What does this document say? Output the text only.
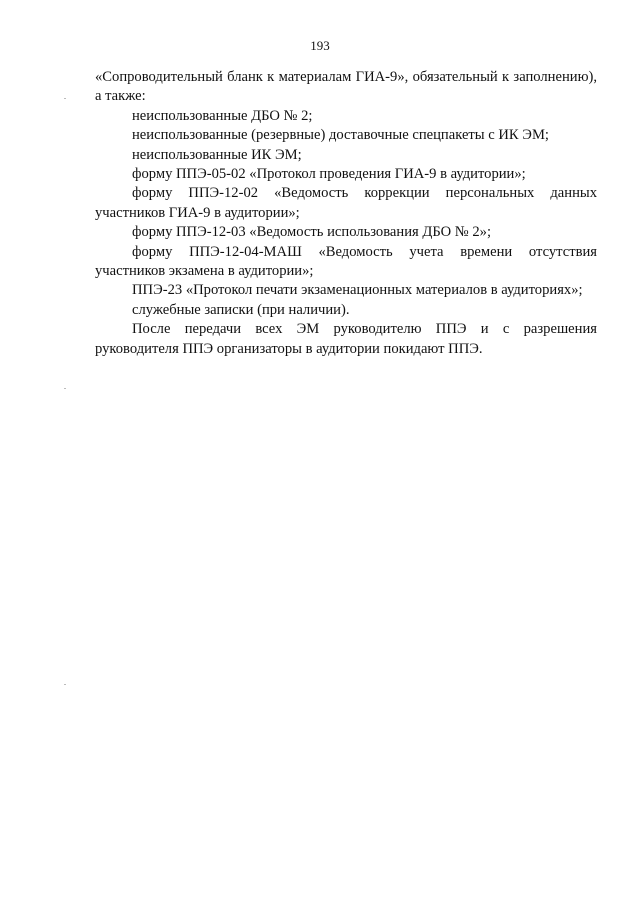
193

«Сопроводительный бланк к материалам ГИА-9», обязательный к заполнению), а также:

неиспользованные ДБО № 2;

неиспользованные (резервные) доставочные спецпакеты с ИК ЭМ;

неиспользованные ИК ЭМ;

форму ППЭ-05-02 «Протокол проведения ГИА-9 в аудитории»;

форму ППЭ-12-02 «Ведомость коррекции персональных данных участников ГИА-9 в аудитории»;

форму ППЭ-12-03 «Ведомость использования ДБО № 2»;

форму ППЭ-12-04-МАШ «Ведомость учета времени отсутствия участников экзамена в аудитории»;

ППЭ-23 «Протокол печати экзаменационных материалов в аудиториях»;

служебные записки (при наличии).

После передачи всех ЭМ руководителю ППЭ и с разрешения руководителя ППЭ организаторы в аудитории покидают ППЭ.
